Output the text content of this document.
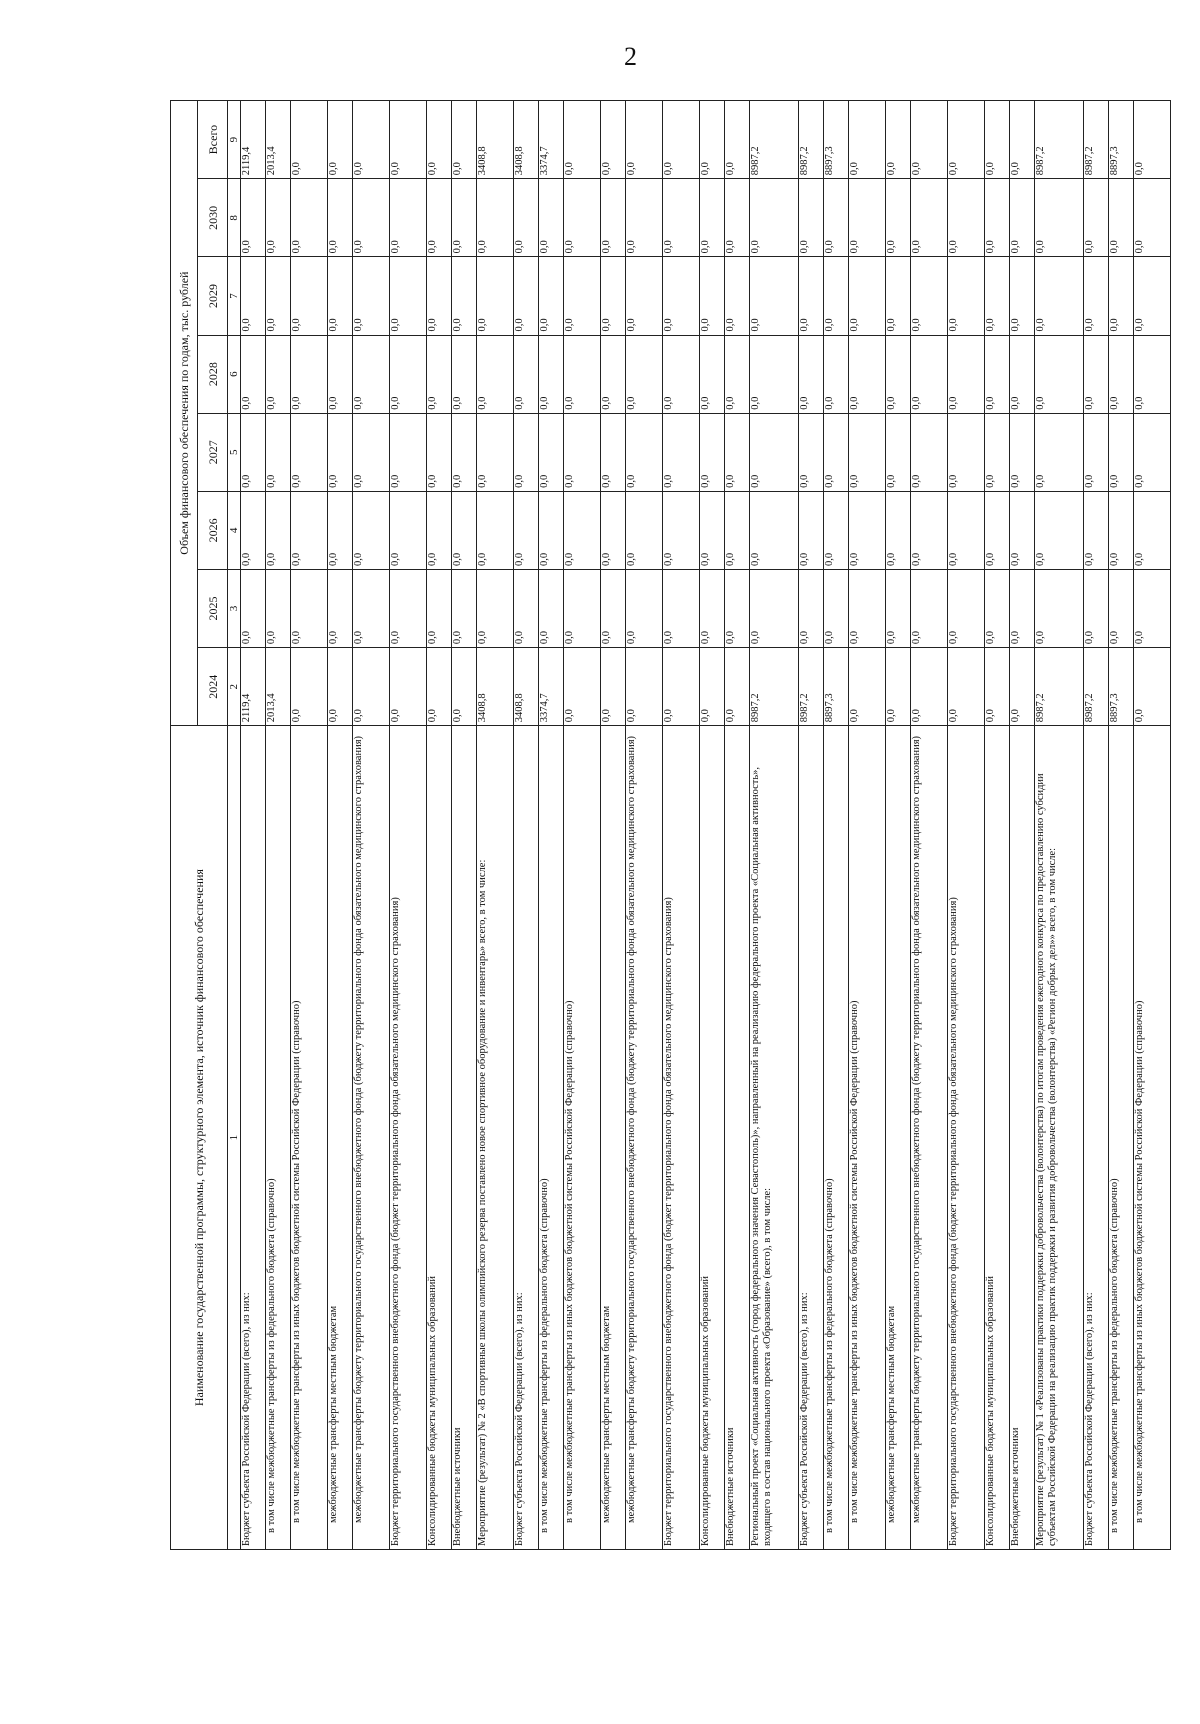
2
Наименование государственной программы, структурного элемента, источник финансового обеспечения	Объем финансового обеспечения по годам, тыс. рублей							
	2024	2025	2026	2027	2028	2029	2030	Всего
1	2	3	4	5	6	7	8	9
Бюджет субъекта Российской Федерации (всего), из них:	2119,4	0,0	0,0	0,0	0,0	0,0	0,0	2119,4
в том числе межбюджетные трансферты из федерального бюджета (справочно)	2013,4	0,0	0,0	0,0	0,0	0,0	0,0	2013,4
в том числе межбюджетные трансферты из иных бюджетов бюджетной системы Российской Федерации (справочно)	0,0	0,0	0,0	0,0	0,0	0,0	0,0	0,0
межбюджетные трансферты местным бюджетам	0,0	0,0	0,0	0,0	0,0	0,0	0,0	0,0
межбюджетные трансферты бюджету территориального государственного внебюджетного фонда (бюджету территориального фонда обязательного медицинского страхования)	0,0	0,0	0,0	0,0	0,0	0,0	0,0	0,0
Бюджет территориального государственного внебюджетного фонда (бюджет территориального фонда обязательного медицинского страхования)	0,0	0,0	0,0	0,0	0,0	0,0	0,0	0,0
Консолидированные бюджеты муниципальных образований	0,0	0,0	0,0	0,0	0,0	0,0	0,0	0,0
Внебюджетные источники	0,0	0,0	0,0	0,0	0,0	0,0	0,0	0,0
Мероприятие (результат) № 2 «В спортивные школы олимпийского резерва поставлено новое спортивное оборудование и инвентарь» всего, в том числе:	3408,8	0,0	0,0	0,0	0,0	0,0	0,0	3408,8
Бюджет субъекта Российской Федерации (всего), из них:	3408,8	0,0	0,0	0,0	0,0	0,0	0,0	3408,8
в том числе межбюджетные трансферты из федерального бюджета (справочно)	3374,7	0,0	0,0	0,0	0,0	0,0	0,0	3374,7
в том числе межбюджетные трансферты из иных бюджетов бюджетной системы Российской Федерации (справочно)	0,0	0,0	0,0	0,0	0,0	0,0	0,0	0,0
межбюджетные трансферты местным бюджетам	0,0	0,0	0,0	0,0	0,0	0,0	0,0	0,0
межбюджетные трансферты бюджету территориального государственного внебюджетного фонда (бюджету территориального фонда обязательного медицинского страхования)	0,0	0,0	0,0	0,0	0,0	0,0	0,0	0,0
Бюджет территориального государственного внебюджетного фонда (бюджет территориального фонда обязательного медицинского страхования)	0,0	0,0	0,0	0,0	0,0	0,0	0,0	0,0
Консолидированные бюджеты муниципальных образований	0,0	0,0	0,0	0,0	0,0	0,0	0,0	0,0
Внебюджетные источники	0,0	0,0	0,0	0,0	0,0	0,0	0,0	0,0
Региональный проект «Социальная активность (город федерального значения Севастополь)», направленный на реализацию федерального проекта «Социальная активность», входящего в состав национального проекта «Образование» (всего), в том числе:	8987,2	0,0	0,0	0,0	0,0	0,0	0,0	8987,2
Бюджет субъекта Российской Федерации (всего), из них:	8987,2	0,0	0,0	0,0	0,0	0,0	0,0	8987,2
в том числе межбюджетные трансферты из федерального бюджета (справочно)	8897,3	0,0	0,0	0,0	0,0	0,0	0,0	8897,3
в том числе межбюджетные трансферты из иных бюджетов бюджетной системы Российской Федерации (справочно)	0,0	0,0	0,0	0,0	0,0	0,0	0,0	0,0
межбюджетные трансферты местным бюджетам	0,0	0,0	0,0	0,0	0,0	0,0	0,0	0,0
межбюджетные трансферты бюджету территориального государственного внебюджетного фонда (бюджету территориального фонда обязательного медицинского страхования)	0,0	0,0	0,0	0,0	0,0	0,0	0,0	0,0
Бюджет территориального государственного внебюджетного фонда (бюджет территориального фонда обязательного медицинского страхования)	0,0	0,0	0,0	0,0	0,0	0,0	0,0	0,0
Консолидированные бюджеты муниципальных образований	0,0	0,0	0,0	0,0	0,0	0,0	0,0	0,0
Внебюджетные источники	0,0	0,0	0,0	0,0	0,0	0,0	0,0	0,0
Мероприятие (результат) № 1 «Реализованы практики поддержки добровольчества (волонтерства) по итогам проведения ежегодного конкурса по предоставлению субсидии субъектам Российской Федерации на реализацию практик поддержки и развития добровольчества (волонтерства) «Регион добрых дел»» всего, в том числе:	8987,2	0,0	0,0	0,0	0,0	0,0	0,0	8987,2
Бюджет субъекта Российской Федерации (всего), из них:	8987,2	0,0	0,0	0,0	0,0	0,0	0,0	8987,2
в том числе межбюджетные трансферты из федерального бюджета (справочно)	8897,3	0,0	0,0	0,0	0,0	0,0	0,0	8897,3
в том числе межбюджетные трансферты из иных бюджетов бюджетной системы Российской Федерации (справочно)	0,0	0,0	0,0	0,0	0,0	0,0	0,0	0,0
